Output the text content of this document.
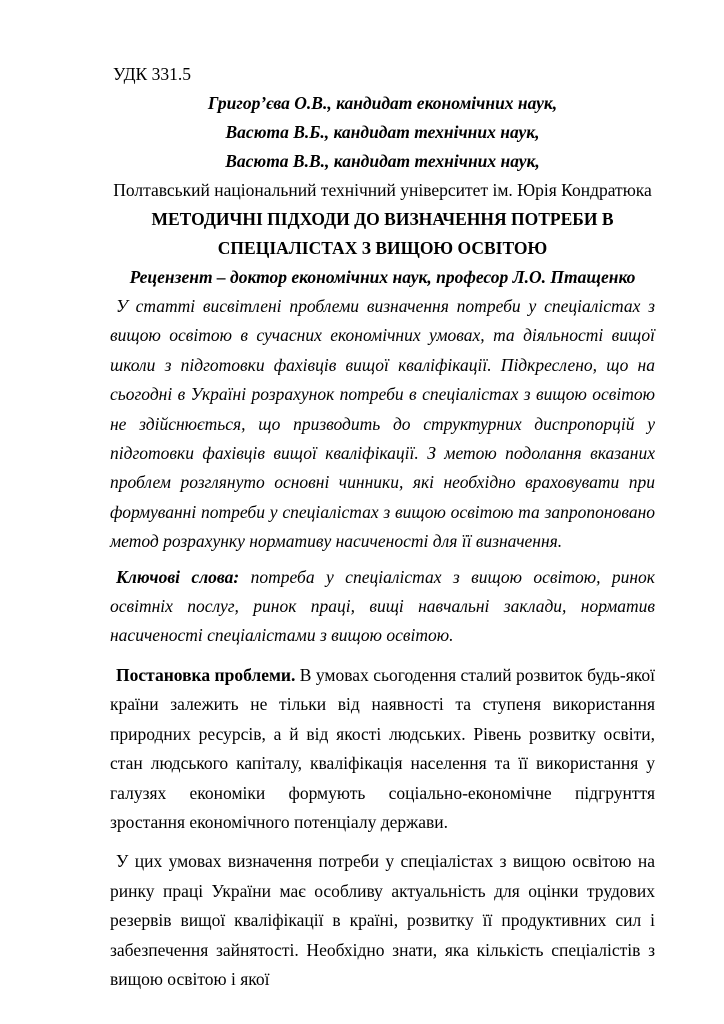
УДК 331.5
Григор’єва О.В., кандидат економічних наук,
Васюта В.Б., кандидат технічних наук,
Васюта В.В., кандидат технічних наук,
Полтавський національний технічний університет ім. Юрія Кондратюка
МЕТОДИЧНІ ПІДХОДИ ДО ВИЗНАЧЕННЯ ПОТРЕБИ В
СПЕЦІАЛІСТАХ З ВИЩОЮ ОСВІТОЮ
Рецензент – доктор економічних наук, професор Л.О. Птащенко
У статті висвітлені проблеми визначення потреби у спеціалістах з вищою освітою в сучасних економічних умовах, та діяльності вищої школи з підготовки фахівців вищої кваліфікації. Підкреслено, що на сьогодні в Україні розрахунок потреби в спеціалістах з вищою освітою не здійснюється, що призводить до структурних диспропорцій у підготовки фахівців вищої кваліфікації. З метою подолання вказаних проблем розглянуто основні чинники, які необхідно враховувати при формуванні потреби у спеціалістах з вищою освітою та запропоновано метод розрахунку нормативу насиченості для її визначення.
Ключові слова: потреба у спеціалістах з вищою освітою, ринок освітніх послуг, ринок праці, вищі навчальні заклади, норматив насиченості спеціалістами з вищою освітою.
Постановка проблеми. В умовах сьогодення сталий розвиток будь-якої країни залежить не тільки від наявності та ступеня використання природних ресурсів, а й від якості людських. Рівень розвитку освіти, стан людського капіталу, кваліфікація населення та її використання у галузях економіки формують соціально-економічне підгрунття зростання економічного потенціалу держави.
У цих умовах визначення потреби у спеціалістах з вищою освітою на ринку праці України має особливу актуальність для оцінки трудових резервів вищої кваліфікації в країні, розвитку її продуктивних сил і забезпечення зайнятості. Необхідно знати, яка кількість спеціалістів з вищою освітою і якої
